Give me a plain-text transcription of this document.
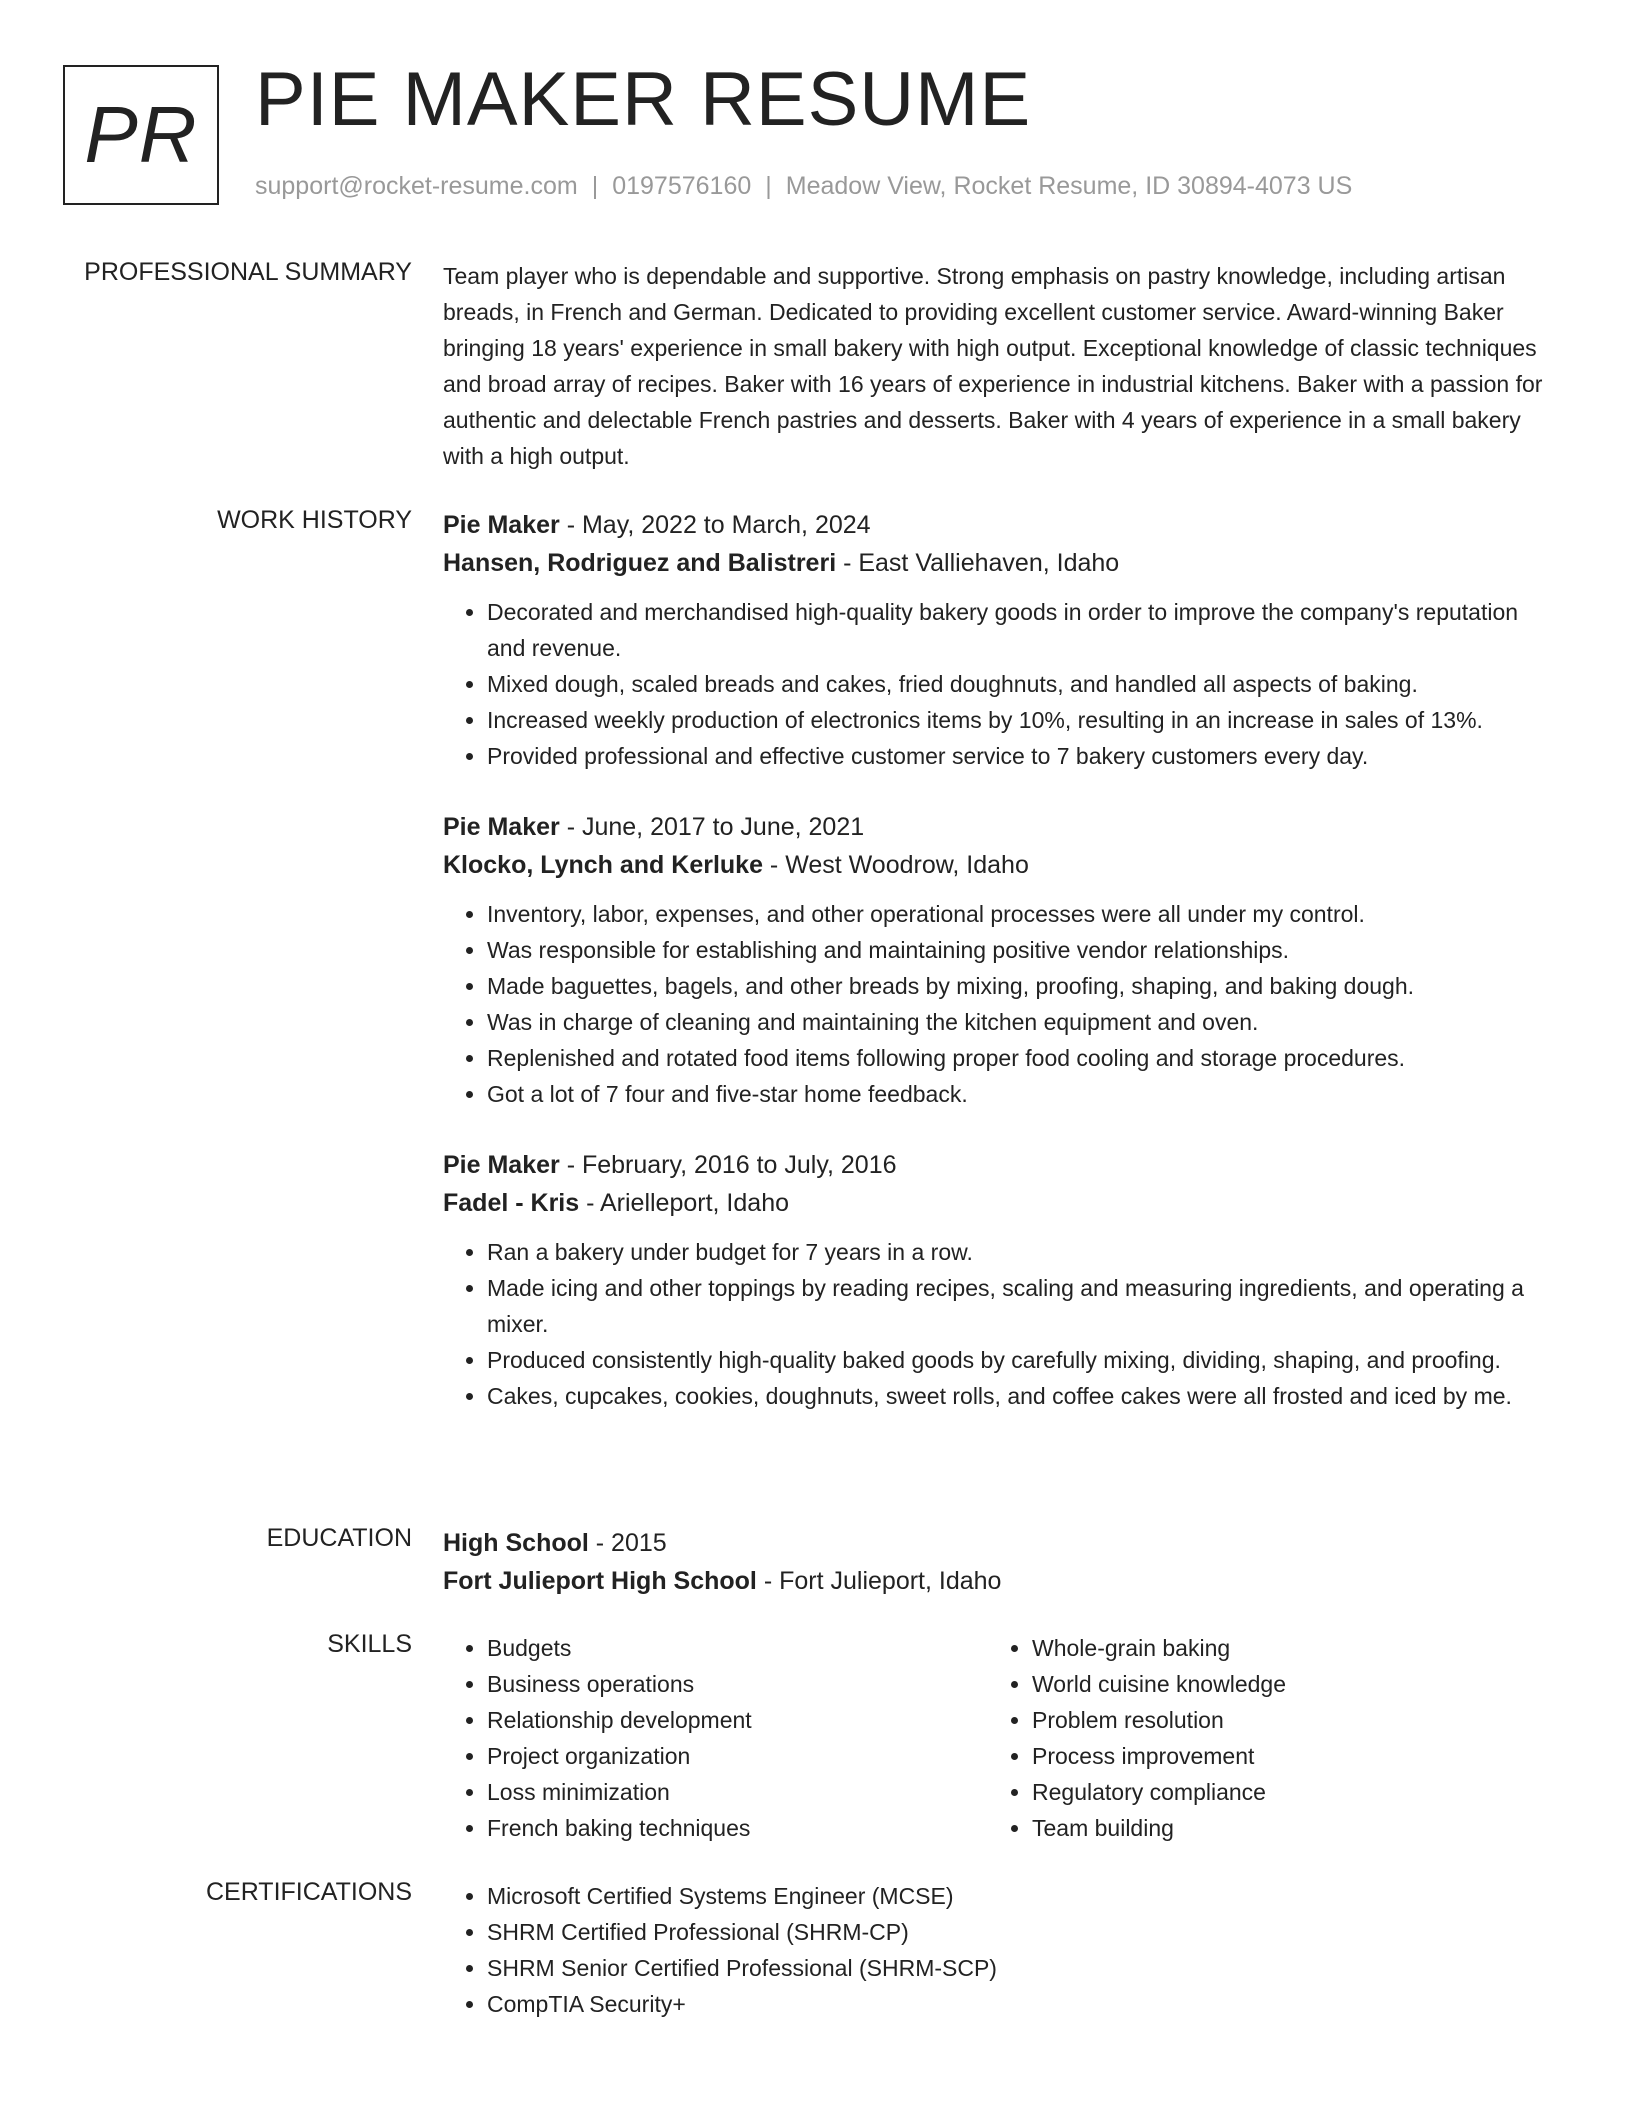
PR PIE MAKER RESUME
support@rocket-resume.com | 0197576160 | Meadow View, Rocket Resume, ID 30894-4073 US
PROFESSIONAL SUMMARY Team player who is dependable and supportive. Strong emphasis on pastry knowledge, including artisan breads, in French and German. Dedicated to providing excellent customer service. Award-winning Baker bringing 18 years' experience in small bakery with high output. Exceptional knowledge of classic techniques and broad array of recipes. Baker with 16 years of experience in industrial kitchens. Baker with a passion for authentic and delectable French pastries and desserts. Baker with 4 years of experience in a small bakery with a high output.

WORK HISTORY Pie Maker - May, 2022 to March, 2024
Hansen, Rodriguez and Balistreri - East Valliehaven, Idaho
• Decorated and merchandised high-quality bakery goods in order to improve the company's reputation and revenue.
• Mixed dough, scaled breads and cakes, fried doughnuts, and handled all aspects of baking.
• Increased weekly production of electronics items by 10%, resulting in an increase in sales of 13%.
• Provided professional and effective customer service to 7 bakery customers every day.
Pie Maker - June, 2017 to June, 2021
Klocko, Lynch and Kerluke - West Woodrow, Idaho
• Inventory, labor, expenses, and other operational processes were all under my control.
• Was responsible for establishing and maintaining positive vendor relationships.
• Made baguettes, bagels, and other breads by mixing, proofing, shaping, and baking dough.
• Was in charge of cleaning and maintaining the kitchen equipment and oven.
• Replenished and rotated food items following proper food cooling and storage procedures.
• Got a lot of 7 four and five-star home feedback.
Pie Maker - February, 2016 to July, 2016
Fadel - Kris - Arielleport, Idaho
• Ran a bakery under budget for 7 years in a row.
• Made icing and other toppings by reading recipes, scaling and measuring ingredients, and operating a mixer.
• Produced consistently high-quality baked goods by carefully mixing, dividing, shaping, and proofing.
• Cakes, cupcakes, cookies, doughnuts, sweet rolls, and coffee cakes were all frosted and iced by me.
EDUCATION High School - 2015
Fort Julieport High School - Fort Julieport, Idaho
SKILLS	• Budgets
• Business operations
• Relationship development
• Project organization
• Loss minimization
• French baking techniques
• Whole-grain baking
• World cuisine knowledge
• Problem resolution
• Process improvement
• Regulatory compliance
• Team building
CERTIFICATIONS	• Microsoft Certified Systems Engineer (MCSE)
• SHRM Certified Professional (SHRM-CP)
• SHRM Senior Certified Professional (SHRM-SCP)
• CompTIA Security+
